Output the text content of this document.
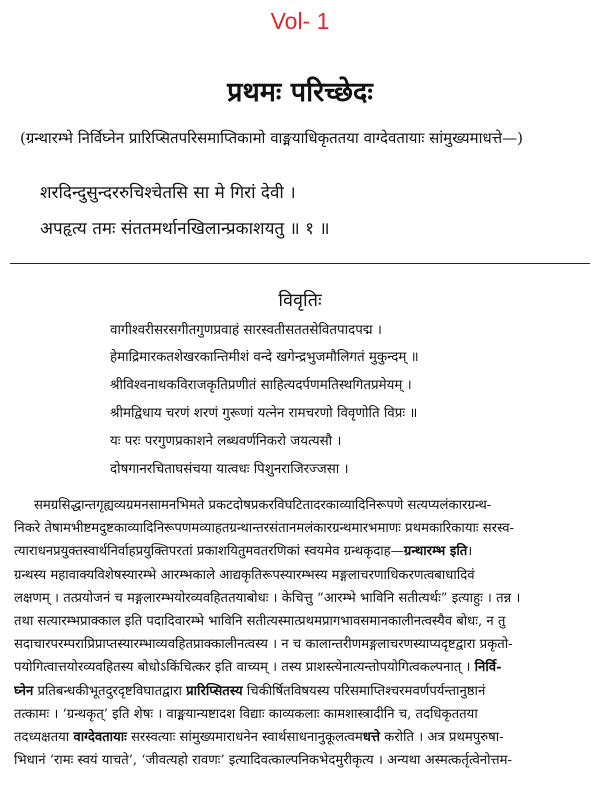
Vol- 1
प्रथमः परिच्छेदः
(ग्रन्थारम्भे निर्विघ्नेन प्रारिप्सितपरिसमाप्तिकामो वाङ्मयाधिकृततया वाग्देवतायाः सांमुख्यमाधत्ते—)
शरदिन्दुसुन्दररुचिश्चेतसि सा मे गिरां देवी ।
अपहृत्य तमः संततमर्थानखिलान्प्रकाशयतु ॥ १ ॥
विवृतिः
वागीश्वरीसरसगीतगुणप्रवाहं सारस्वतीसततसेवितपादपद्म ।
हेमाद्रिमारकतशेखरकान्तिमीशं वन्दे खगेन्द्रभुजमौलिगतं मुकुन्दम् ॥
श्रीविश्वनाथकविराजकृतिप्रणीतं साहित्यदर्पणमतिस्थगितप्रमेयम् ।
श्रीमद्विधाय चरणं शरणं गुरूणां यत्नेन रामचरणो विवृणोति विप्रः ॥
यः परः परगुणप्रकाशने लब्धवर्णनिकरो जयत्यसौ ।
दोषगानरचिताघसंचया यात्वधः पिशुनराजिरज्जसा ।
समग्रसिद्धान्तगृह्यव्यग्रमनसामनभिमते प्रकटदोषप्रकरविघटितादरकाव्यादिनिरूपणे सत्यप्यलंकारग्रन्थ-
निकरे तेषामभीष्टमदुष्टकाव्यादिनिरूपणमव्याहतग्रन्थान्तरसंतानमलंकारग्रन्थमारभमाणः प्रथमकारिकायाः सरस्व-
त्याराधनप्रयुक्तस्वार्थनिर्वाहप्रयुक्तिपरतां प्रकाशयितुमवतरणिकां स्वयमेव ग्रन्थकृदाह—ग्रन्थारम्भ इति।
ग्रन्थस्य महावाक्यविशेषस्यारम्भे आरम्भकाले आद्यकृतिरूपस्यारम्भस्य मङ्गलाचरणाधिकरणत्वबाधादिवं
लक्षणम् । तत्प्रयोजनं च मङ्गलारम्भयोरव्यवहिततयाबोधः । केचित्तु “आरम्भे भाविनि सतीत्यर्थः” इत्याहुः । तन्न ।
तथा सत्यारम्भप्राक्काल इति पदादिवारम्भे भाविनि सतीत्यस्मात्प्रथमप्रागभावसमानकालीनत्वस्यैव बोधः, न तु
सदाचारपरम्पराप्रिप्राप्तस्यारम्भाव्यवहितप्राक्कालीनत्वस्य । न च कालान्तरीणमङ्गलाचरणस्याप्यदृष्टद्वारा प्रकृतो-
पयोगित्वात्तयोरव्यवहितस्य बोधोऽकिंचित्कर इति वाच्यम् । तस्य प्राशस्त्येनात्यन्तोपयोगित्वकल्पनात् । निर्वि-
घ्नेन प्रतिबन्धकीभूतदुरदृष्टविघातद्वारा प्रारिप्सितस्य चिकीर्षितविषयस्य परिसमाप्तिश्चरमवर्णपर्यन्तानुष्ठानं
तत्कामः । ‘ग्रन्थकृत्’ इति शेषः । वाङ्मयान्यष्टादश विद्याः काव्यकलाः कामशास्त्रादीनि च, तदधिकृततया
तदध्यक्षतया वाग्देवतायाः सरस्वत्याः सांमुख्यमाराधनेन स्वार्थसाधनानुकूलत्वमधत्ते करोति । अत्र प्रथमपुरुषा-
भिधानं ‘रामः स्वयं याचते’, ‘जीवत्यहो रावणः’ इत्यादिवत्काल्पनिकभेदमुरीकृत्य । अन्यथा अस्मत्कर्तृत्वेनोत्तम-
